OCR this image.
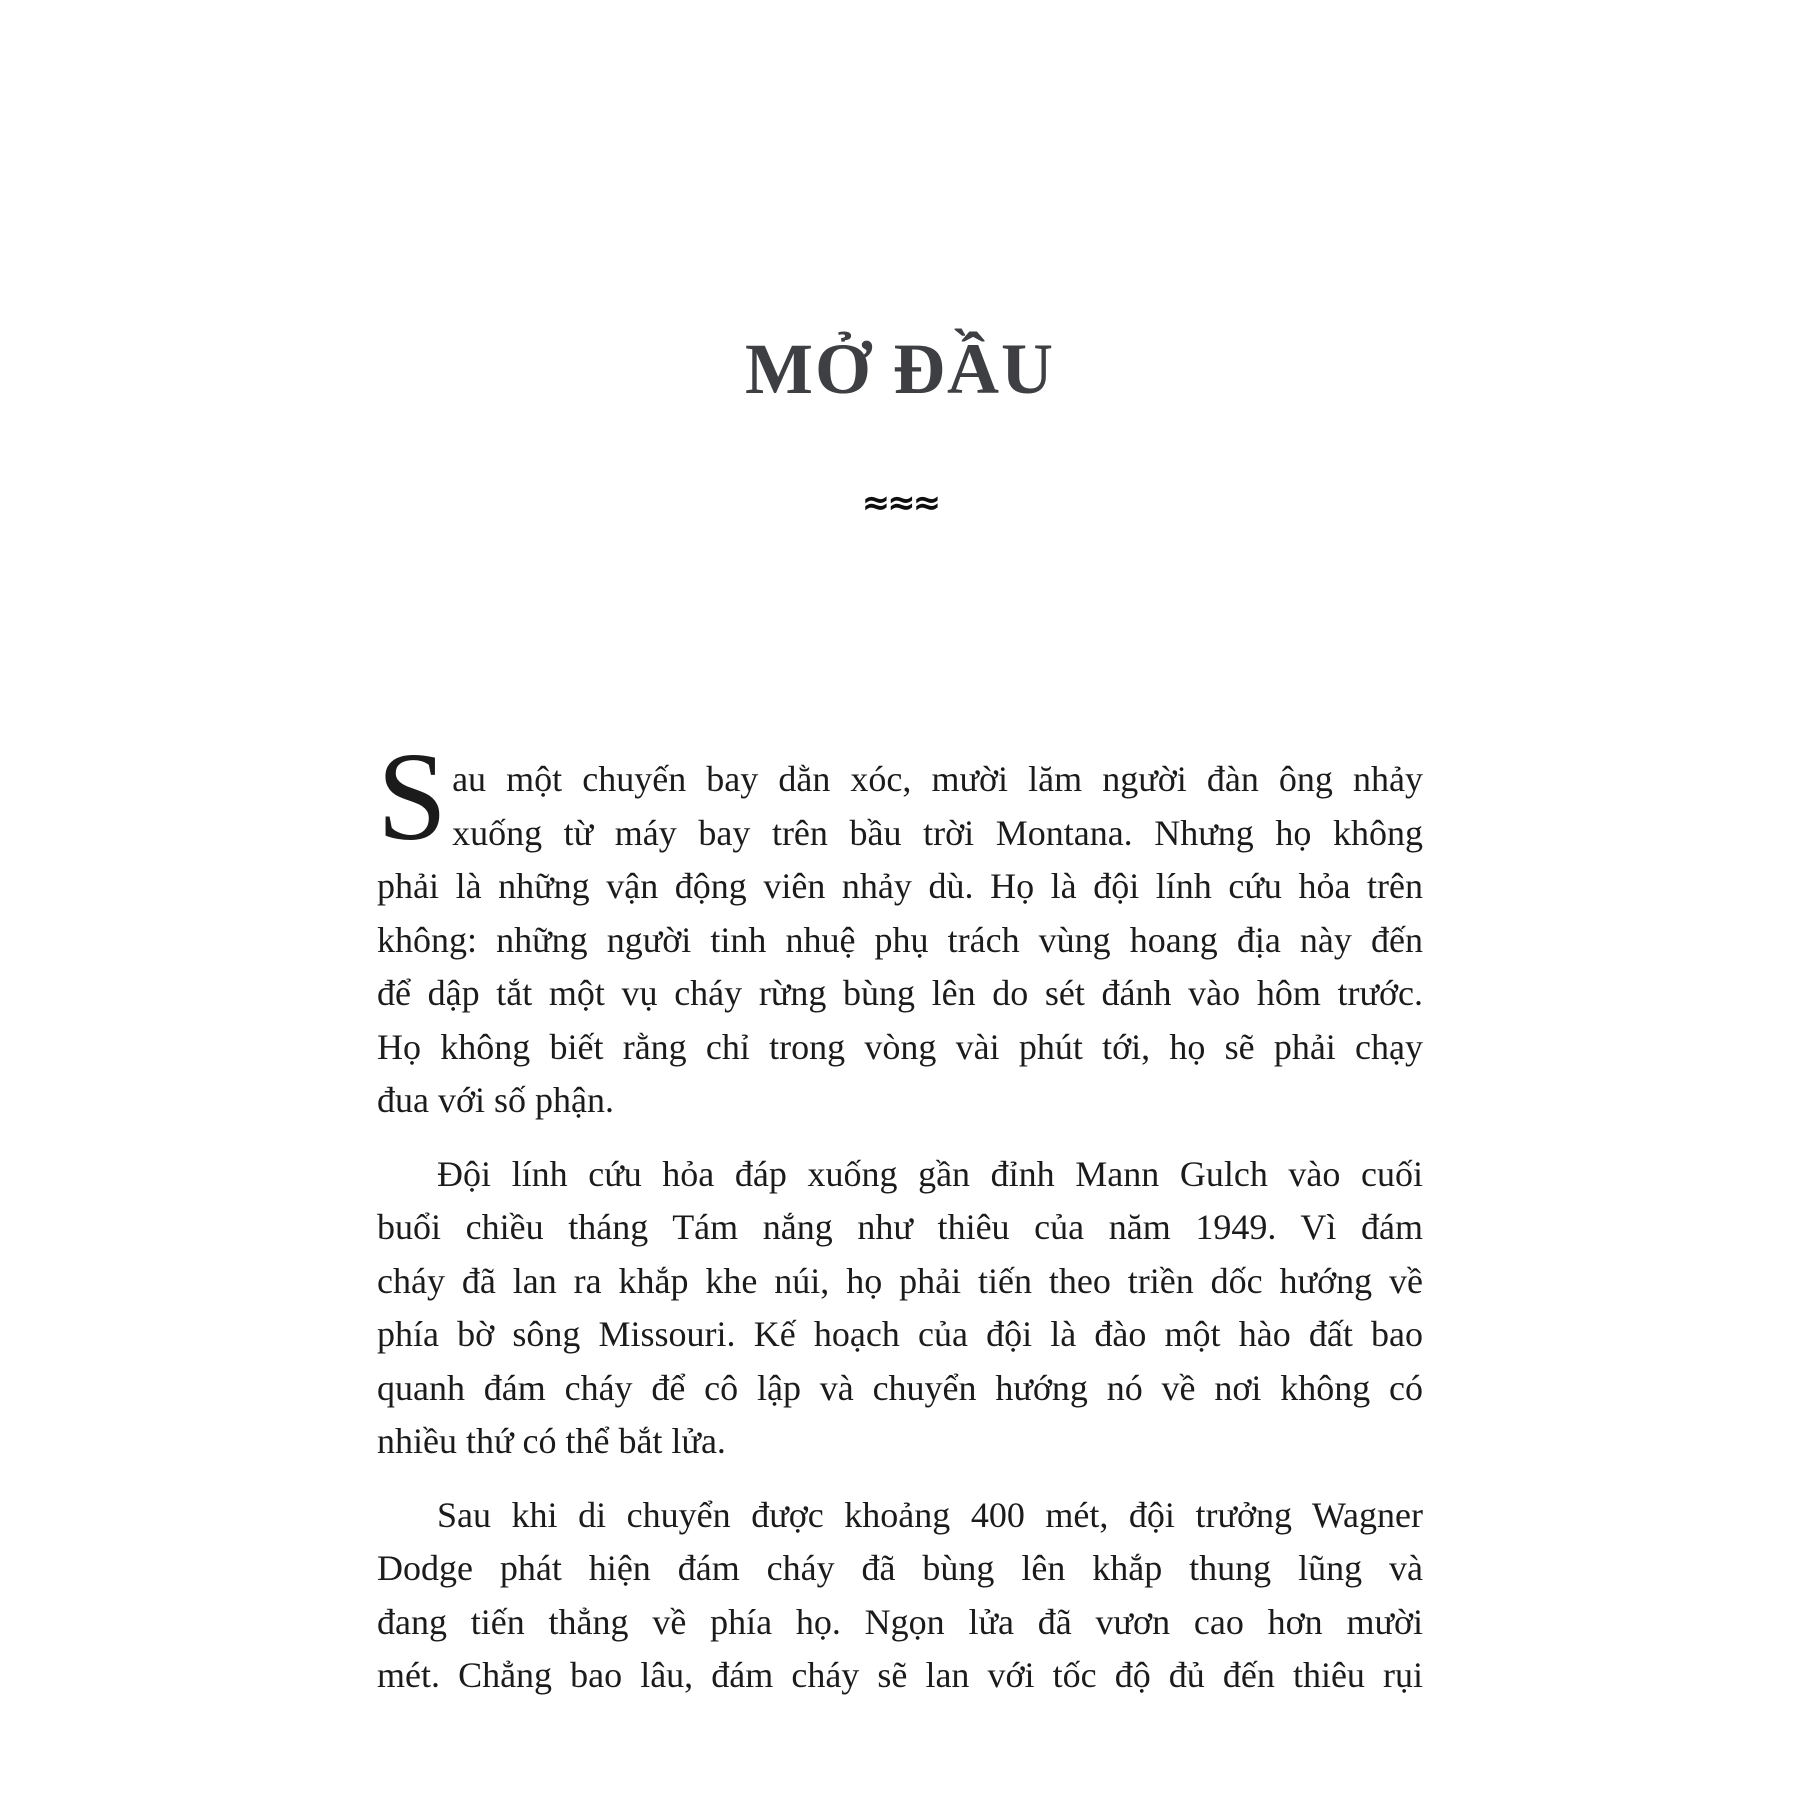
MỞ ĐẦU
≈≈≈
S au một chuyến bay dằn xóc, mười lăm người đàn ông nhảy
xuống từ máy bay trên bầu trời Montana. Nhưng họ không
phải là những vận động viên nhảy dù. Họ là đội lính cứu hỏa trên
không: những người tinh nhuệ phụ trách vùng hoang địa này đến
để dập tắt một vụ cháy rừng bùng lên do sét đánh vào hôm trước.
Họ không biết rằng chỉ trong vòng vài phút tới, họ sẽ phải chạy
đua với số phận.
Đội lính cứu hỏa đáp xuống gần đỉnh Mann Gulch vào cuối
buổi chiều tháng Tám nắng như thiêu của năm 1949. Vì đám
cháy đã lan ra khắp khe núi, họ phải tiến theo triền dốc hướng về
phía bờ sông Missouri. Kế hoạch của đội là đào một hào đất bao
quanh đám cháy để cô lập và chuyển hướng nó về nơi không có
nhiều thứ có thể bắt lửa.
Sau khi di chuyển được khoảng 400 mét, đội trưởng Wagner
Dodge phát hiện đám cháy đã bùng lên khắp thung lũng và
đang tiến thẳng về phía họ. Ngọn lửa đã vươn cao hơn mười
mét. Chẳng bao lâu, đám cháy sẽ lan với tốc độ đủ đến thiêu rụi
